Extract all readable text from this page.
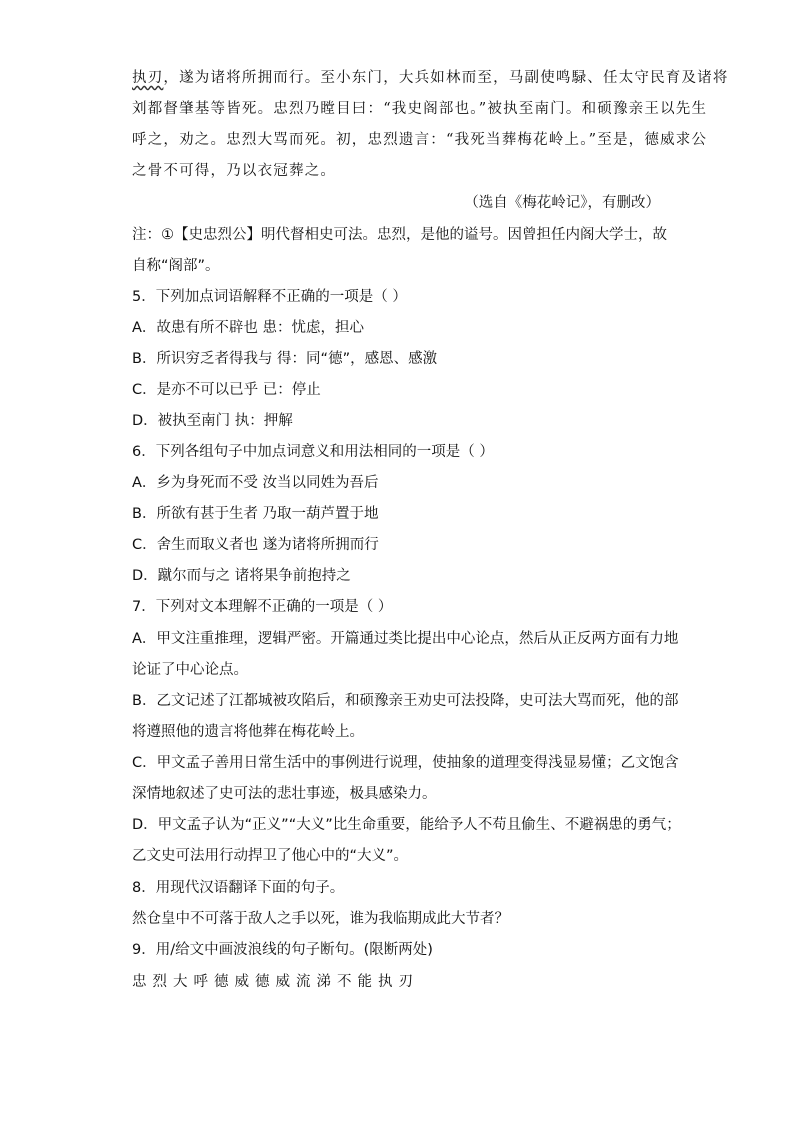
执刃，遂为诸将所拥而行。至小东门，大兵如林而至，马副使鸣騄、任太守民育及诸将
刘都督肇基等皆死。忠烈乃瞠目曰：“我史阁部也。”被执至南门。和硕豫亲王以先生
呼之，劝之。忠烈大骂而死。初，忠烈遗言：“我死当葬梅花岭上。”至是，德威求公
之骨不可得，乃以衣冠葬之。
（选自《梅花岭记》，有删改）
注：①【史忠烈公】明代督相史可法。忠烈，是他的谥号。因曾担任内阁大学士，故
自称“阁部”。
5．下列加点词语解释不正确的一项是（ ）
A．故患有所不辟也 患：忧虑，担心
B．所识穷乏者得我与 得：同“德”，感恩、感激
C．是亦不可以已乎 已：停止
D．被执至南门 执：押解
6．下列各组句子中加点词意义和用法相同的一项是（ ）
A．乡为身死而不受 汝当以同姓为吾后
B．所欲有甚于生者 乃取一葫芦置于地
C．舍生而取义者也 遂为诸将所拥而行
D．蹴尔而与之 诸将果争前抱持之
7．下列对文本理解不正确的一项是（ ）
A．甲文注重推理，逻辑严密。开篇通过类比提出中心论点，然后从正反两方面有力地
论证了中心论点。
B．乙文记述了江都城被攻陷后，和硕豫亲王劝史可法投降，史可法大骂而死，他的部
将遵照他的遗言将他葬在梅花岭上。
C．甲文孟子善用日常生活中的事例进行说理，使抽象的道理变得浅显易懂；乙文饱含
深情地叙述了史可法的悲壮事迹，极具感染力。
D．甲文孟子认为“正义”“大义”比生命重要，能给予人不苟且偷生、不避祸患的勇气；
乙文史可法用行动捍卫了他心中的“大义”。
8．用现代汉语翻译下面的句子。
然仓皇中不可落于敌人之手以死，谁为我临期成此大节者？
9．用/给文中画波浪线的句子断句。(限断两处)
忠烈大呼德威德威流涕不能执刃
